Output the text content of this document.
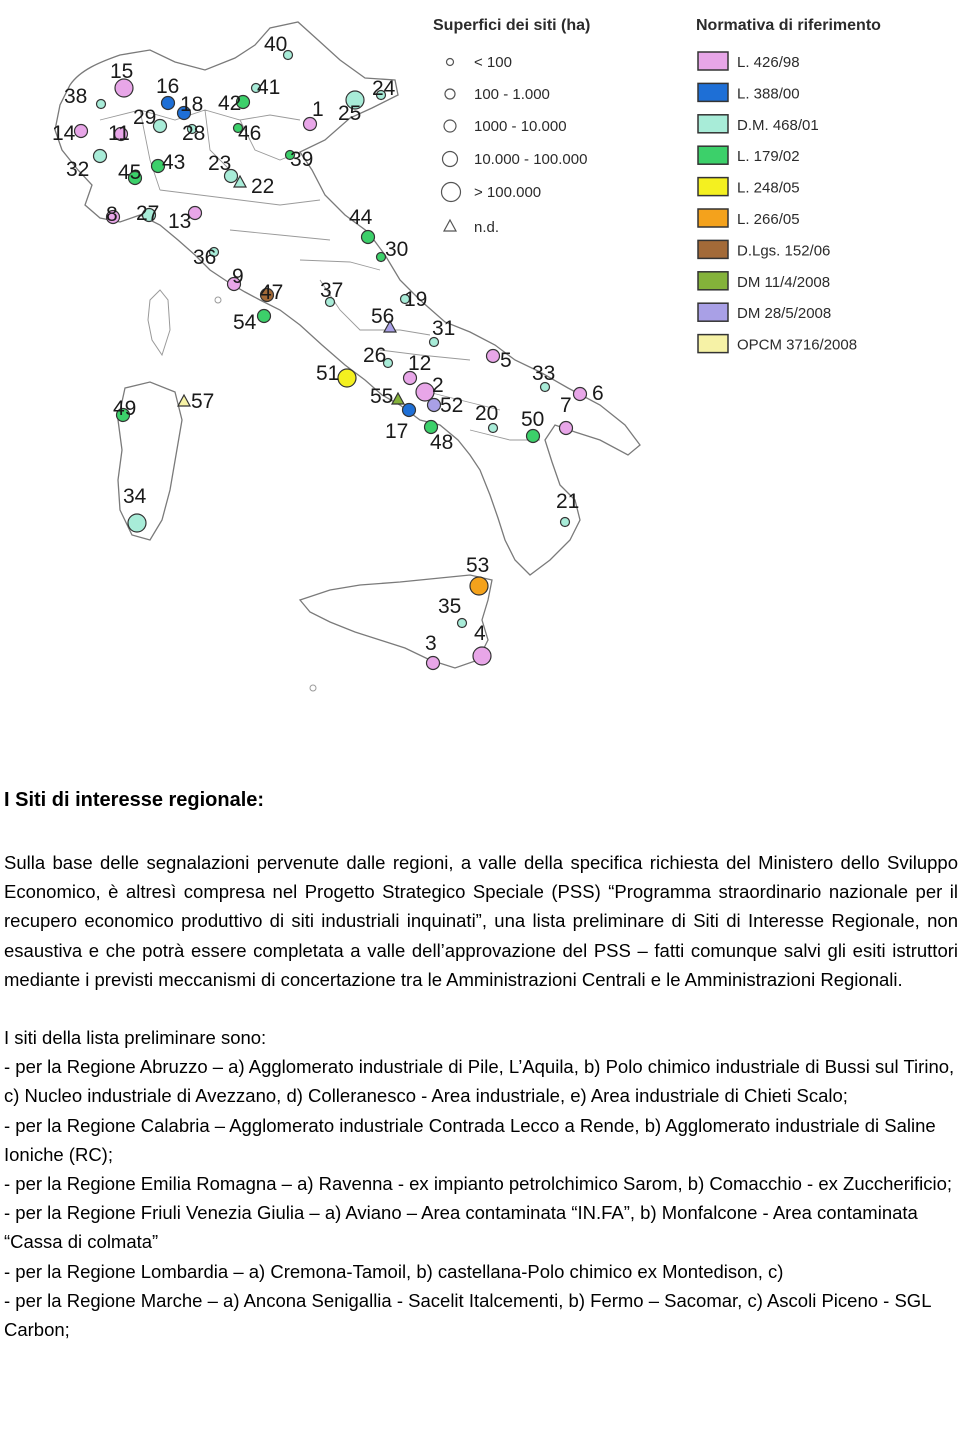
1
2
3 4
5
6
7
8
9
11
12
13
14
15
16
17
18
19
20
21
22
23
24
25
26
27
28
29
30
31
32
33
34
35
36
37
38
39
40
41
42
43
44
45
46
47
48
49	50
51
52
53
54
55
56
57
Superfici dei siti (ha)
< 100
100 - 1.000
1000 - 10.000
10.000 - 100.000
> 100.000
n.d.
Normativa di riferimento
L. 426/98
L. 388/00
D.M. 468/01
L. 179/02
L. 248/05
L. 266/05
D.Lgs. 152/06
DM 11/4/2008
DM 28/5/2008
OPCM 3716/2008
I Siti di interesse regionale:

Sulla base delle segnalazioni pervenute dalle regioni, a valle della specifica richiesta del Ministero dello Sviluppo Economico, è altresì compresa nel Progetto Strategico Speciale (PSS) “Programma straordinario nazionale per il recupero economico produttivo di siti industriali inquinati”, una lista preliminare di Siti di Interesse Regionale, non esaustiva e che potrà essere completata a valle dell’approvazione del PSS – fatti comunque salvi gli esiti istruttori mediante i previsti meccanismi di concertazione tra le Amministrazioni Centrali e le Amministrazioni Regionali.

I siti della lista preliminare sono:

- per la Regione Abruzzo – a) Agglomerato industriale di Pile, L’Aquila, b) Polo chimico industriale di Bussi sul Tirino, c) Nucleo industriale di Avezzano, d) Colleranesco - Area industriale, e) Area industriale di Chieti Scalo;

- per la Regione Calabria – Agglomerato industriale Contrada Lecco a Rende, b) Agglomerato industriale di Saline Ioniche (RC);

- per la Regione Emilia Romagna – a) Ravenna - ex impianto petrolchimico Sarom, b) Comacchio - ex Zuccherificio;

- per la Regione Friuli Venezia Giulia – a) Aviano – Area contaminata “IN.FA”, b) Monfalcone - Area contaminata “Cassa di colmata”

- per la Regione Lombardia – a) Cremona-Tamoil, b) castellana-Polo chimico ex Montedison, c)

- per la Regione Marche – a) Ancona Senigallia - Sacelit Italcementi, b) Fermo – Sacomar, c) Ascoli Piceno - SGL Carbon;
